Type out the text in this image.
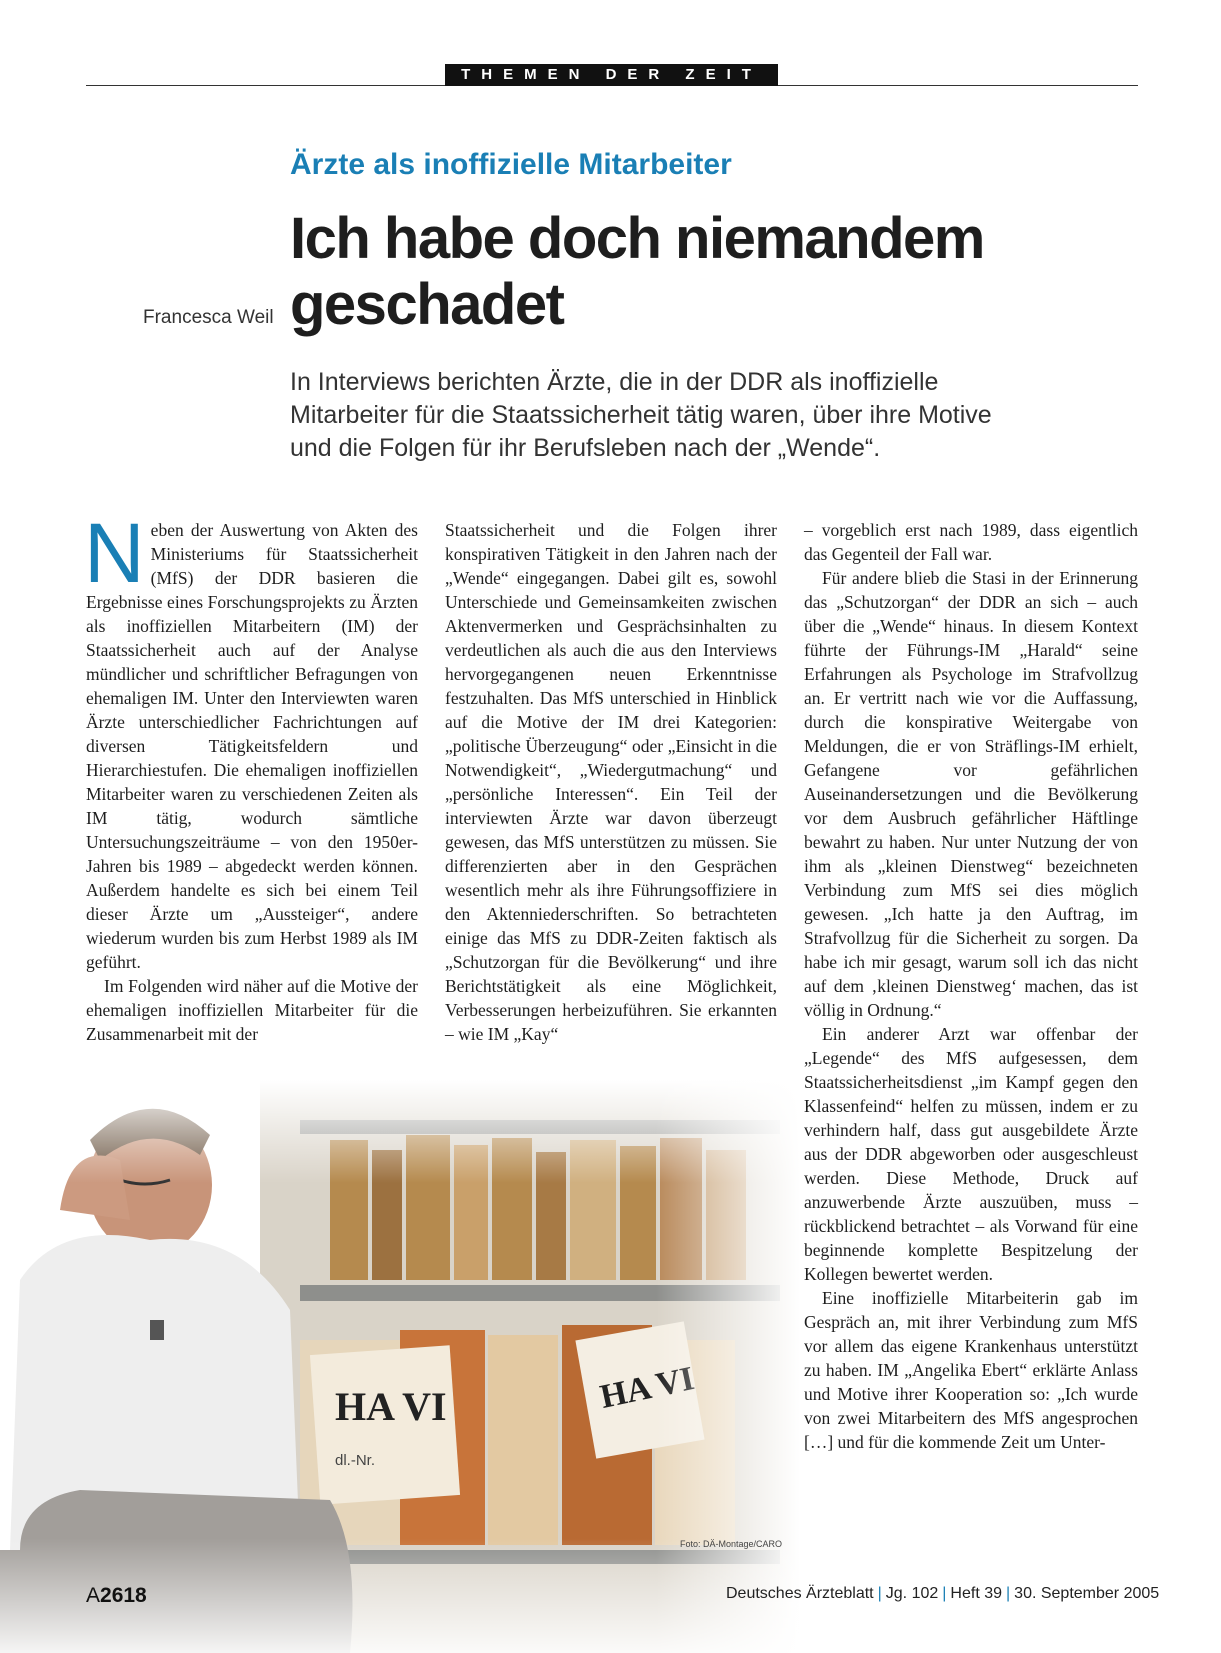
THEMEN DER ZEIT
Ärzte als inoffizielle Mitarbeiter
Ich habe doch niemandem
geschadet
Francesca Weil
In Interviews berichten Ärzte, die in der DDR als inoffizielle Mitarbeiter für die Staatssicherheit tätig waren, über ihre Motive und die Folgen für ihr Berufsleben nach der „Wende“.
Foto: DÄ-Montage/CARO

Neben der Auswertung von Akten des Ministeriums für Staatssicherheit (MfS) der DDR basieren die Ergebnisse eines Forschungsprojekts zu Ärzten als inoffiziellen Mitarbeitern (IM) der Staatssicherheit auch auf der Analyse mündlicher und schriftlicher Befragungen von ehemaligen IM. Unter den Interviewten waren Ärzte unterschiedlicher Fachrichtungen auf diversen Tätigkeitsfeldern und Hierarchiestufen. Die ehemaligen inoffiziellen Mitarbeiter waren zu verschiedenen Zeiten als IM tätig, wodurch sämtliche Untersuchungszeiträume – von den 1950er-Jahren bis 1989 – abgedeckt werden können. Außerdem handelte es sich bei einem Teil dieser Ärzte um „Aussteiger“, andere wiederum wurden bis zum Herbst 1989 als IM geführt.

Im Folgenden wird näher auf die Motive der ehemaligen inoffiziellen Mitarbeiter für die Zusammenarbeit mit der

Staatssicherheit und die Folgen ihrer konspirativen Tätigkeit in den Jahren nach der „Wende“ eingegangen. Dabei gilt es, sowohl Unterschiede und Gemeinsamkeiten zwischen Aktenvermerken und Gesprächsinhalten zu verdeutlichen als auch die aus den Interviews hervorgegangenen neuen Erkenntnisse festzuhalten. Das MfS unterschied in Hinblick auf die Motive der IM drei Kategorien: „politische Überzeugung“ oder „Einsicht in die Notwendigkeit“, „Wiedergutmachung“ und „persönliche Interessen“. Ein Teil der interviewten Ärzte war davon überzeugt gewesen, das MfS unterstützen zu müssen. Sie differenzierten aber in den Gesprächen wesentlich mehr als ihre Führungsoffiziere in den Aktenniederschriften. So betrachteten einige das MfS zu DDR-Zeiten faktisch als „Schutzorgan für die Bevölkerung“ und ihre Berichtstätigkeit als eine Möglichkeit, Verbesserungen herbeizuführen. Sie erkannten – wie IM „Kay“

– vorgeblich erst nach 1989, dass eigentlich das Gegenteil der Fall war.

Für andere blieb die Stasi in der Erinnerung das „Schutzorgan“ der DDR an sich – auch über die „Wende“ hinaus. In diesem Kontext führte der Führungs-IM „Harald“ seine Erfahrungen als Psychologe im Strafvollzug an. Er vertritt nach wie vor die Auffassung, durch die konspirative Weitergabe von Meldungen, die er von Sträflings-IM erhielt, Gefangene vor gefährlichen Auseinandersetzungen und die Bevölkerung vor dem Ausbruch gefährlicher Häftlinge bewahrt zu haben. Nur unter Nutzung der von ihm als „kleinen Dienstweg“ bezeichneten Verbindung zum MfS sei dies möglich gewesen. „Ich hatte ja den Auftrag, im Strafvollzug für die Sicherheit zu sorgen. Da habe ich mir gesagt, warum soll ich das nicht auf dem ‚kleinen Dienstweg‘ machen, das ist völlig in Ordnung.“

Ein anderer Arzt war offenbar der „Legende“ des MfS aufgesessen, dem Staatssicherheitsdienst „im Kampf gegen den Klassenfeind“ helfen zu müssen, indem er zu verhindern half, dass gut ausgebildete Ärzte aus der DDR abgeworben oder ausgeschleust werden. Diese Methode, Druck auf anzuwerbende Ärzte auszuüben, muss – rückblickend betrachtet – als Vorwand für eine beginnende komplette Bespitzelung der Kollegen bewertet werden.

Eine inoffizielle Mitarbeiterin gab im Gespräch an, mit ihrer Verbindung zum MfS vor allem das eigene Krankenhaus unterstützt zu haben. IM „Angelika Ebert“ erklärte Anlass und Motive ihrer Kooperation so: „Ich wurde von zwei Mitarbeitern des MfS angesprochen […] und für die kommende Zeit um Unter-

A2618	Deutsches Ärzteblatt | Jg. 102 | Heft 39 | 30. September 2005
